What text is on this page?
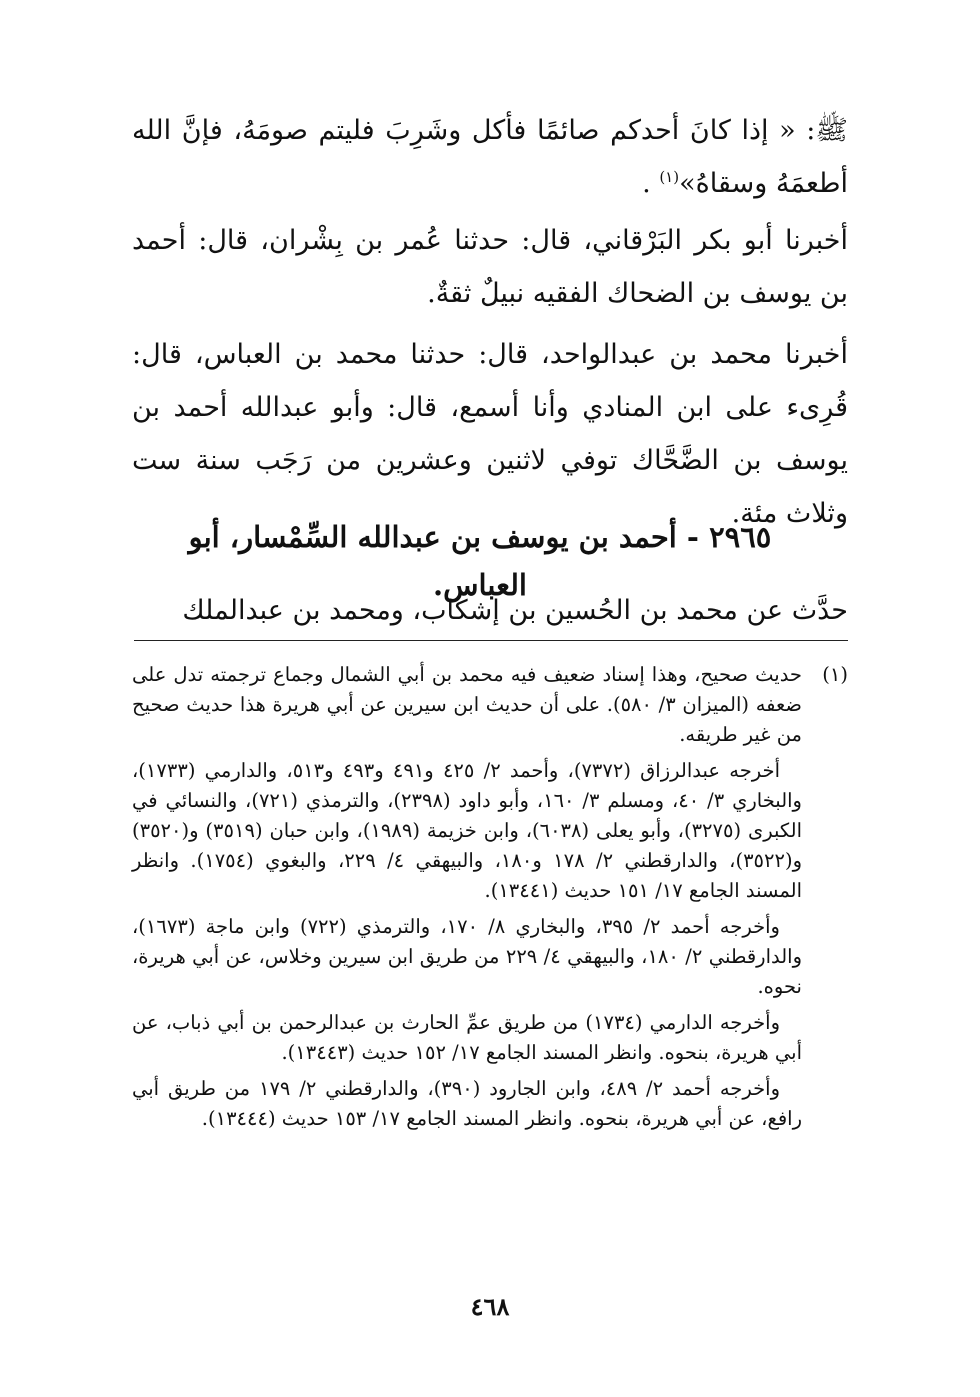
ﷺ: « إذا كانَ أحدكم صائمًا فأكل وشَرِبَ فليتم صومَهُ، فإنَّ الله أطعمَهُ وسقاهُ»$^{(١)}$ .
أخبرنا أبو بكر البَرْقاني، قال: حدثنا عُمر بن بِشْران، قال: أحمد بن يوسف بن الضحاك الفقيه نبيلٌ ثقةٌ.
أخبرنا محمد بن عبدالواحد، قال: حدثنا محمد بن العباس، قال: قُرِىء على ابن المنادي وأنا أسمع، قال: وأبو عبدالله أحمد بن يوسف بن الضَّحَّاك توفي لاثنين وعشرين من رَجَب سنة ست وثلاث مئة.
٢٩٦٥ - أحمد بن يوسف بن عبدالله السِّمْسار، أبو العباس.
حدَّث عن محمد بن الحُسين بن إشكاب، ومحمد بن عبدالملك
(١)

حديث صحيح، وهذا إسناد ضعيف فيه محمد بن أبي الشمال وجماع ترجمته تدل على ضعفه (الميزان ٣/ ٥٨٠). على أن حديث ابن سيرين عن أبي هريرة هذا حديث صحيح من غير طريقه.

أخرجه عبدالرزاق (٧٣٧٢)، وأحمد ٢/ ٤٢٥ و٤٩١ و٤٩٣ و٥١٣، والدارمي (١٧٣٣)، والبخاري ٣/ ٤٠، ومسلم ٣/ ١٦٠، وأبو داود (٢٣٩٨)، والترمذي (٧٢١)، والنسائي في الكبرى (٣٢٧٥)، وأبو يعلى (٦٠٣٨)، وابن خزيمة (١٩٨٩)، وابن حبان (٣٥١٩) و(٣٥٢٠) و(٣٥٢٢)، والدارقطني ٢/ ١٧٨ و١٨٠، والبيهقي ٤/ ٢٢٩، والبغوي (١٧٥٤). وانظر المسند الجامع ١٧/ ١٥١ حديث (١٣٤٤١).

وأخرجه أحمد ٢/ ٣٩٥، والبخاري ٨/ ١٧٠، والترمذي (٧٢٢) وابن ماجة (١٦٧٣)، والدارقطني ٢/ ١٨٠، والبيهقي ٤/ ٢٢٩ من طريق ابن سيرين وخلاس، عن أبي هريرة، نحوه.

وأخرجه الدارمي (١٧٣٤) من طريق عمِّ الحارث بن عبدالرحمن بن أبي ذباب، عن أبي هريرة، بنحوه. وانظر المسند الجامع ١٧/ ١٥٢ حديث (١٣٤٤٣).

وأخرجه أحمد ٢/ ٤٨٩، وابن الجارود (٣٩٠)، والدارقطني ٢/ ١٧٩ من طريق أبي رافع، عن أبي هريرة، بنحوه. وانظر المسند الجامع ١٧/ ١٥٣ حديث (١٣٤٤٤).

٤٦٨
